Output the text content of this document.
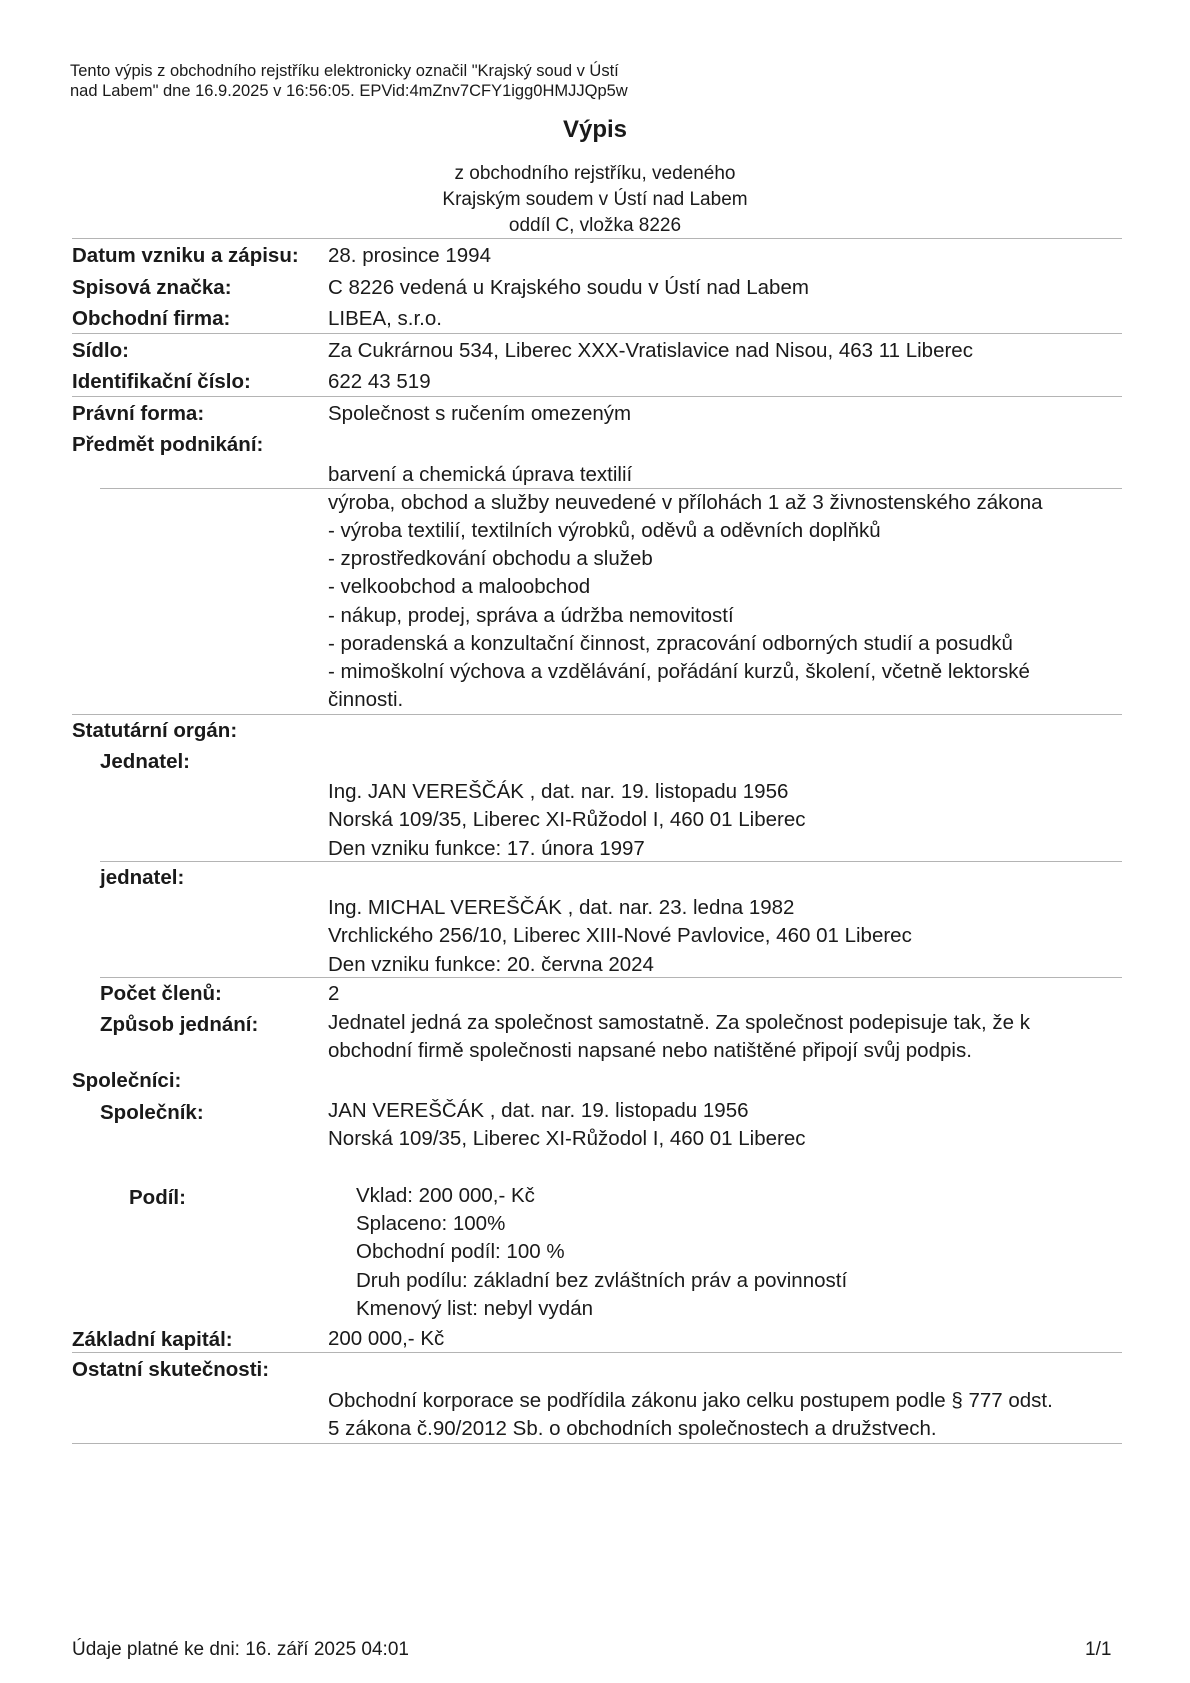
Tento výpis z obchodního rejstříku elektronicky označil "Krajský soud v Ústí
nad Labem" dne 16.9.2025 v 16:56:05. EPVid:4mZnv7CFY1igg0HMJJQp5w
Výpis
z obchodního rejstříku, vedeného
Krajským soudem v Ústí nad Labem
oddíl C, vložka 8226
Datum vzniku a zápisu: 28. prosince 1994
Spisová značka:	C 8226 vedená u Krajského soudu v Ústí nad Labem
Obchodní firma:	LIBEA, s.r.o.
Sídlo:	Za Cukrárnou 534, Liberec XXX-Vratislavice nad Nisou, 463 11 Liberec
Identifikační číslo:	622 43 519
Právní forma:	Společnost s ručením omezeným
Předmět podnikání:
barvení a chemická úprava textilií
výroba, obchod a služby neuvedené v přílohách 1 až 3 živnostenského zákona
- výroba textilií, textilních výrobků, oděvů a oděvních doplňků
- zprostředkování obchodu a služeb
- velkoobchod a maloobchod
- nákup, prodej, správa a údržba nemovitostí
- poradenská a konzultační činnost, zpracování odborných studií a posudků
- mimoškolní výchova a vzdělávání, pořádání kurzů, školení, včetně lektorské
činnosti.
Statutární orgán:
Jednatel:
Ing. JAN VEREŠČÁK , dat. nar. 19. listopadu 1956
Norská 109/35, Liberec XI-Růžodol I, 460 01 Liberec
Den vzniku funkce: 17. února 1997
jednatel:
Ing. MICHAL VEREŠČÁK , dat. nar. 23. ledna 1982
Vrchlického 256/10, Liberec XIII-Nové Pavlovice, 460 01 Liberec
Den vzniku funkce: 20. června 2024
Počet členů:	2
Způsob jednání:	Jednatel jedná za společnost samostatně. Za společnost podepisuje tak, že k
obchodní firmě společnosti napsané nebo natištěné připojí svůj podpis.
Společníci:
Společník:	JAN VEREŠČÁK , dat. nar. 19. listopadu 1956
Norská 109/35, Liberec XI-Růžodol I, 460 01 Liberec
Podíl:	Vklad: 200 000,- Kč
Splaceno: 100%
Obchodní podíl: 100 %
Druh podílu: základní bez zvláštních práv a povinností
Kmenový list: nebyl vydán
Základní kapitál:	200 000,- Kč
Ostatní skutečnosti:
Obchodní korporace se podřídila zákonu jako celku postupem podle § 777 odst.
5 zákona č.90/2012 Sb. o obchodních společnostech a družstvech.
Údaje platné ke dni: 16. září 2025 04:01	1/1
